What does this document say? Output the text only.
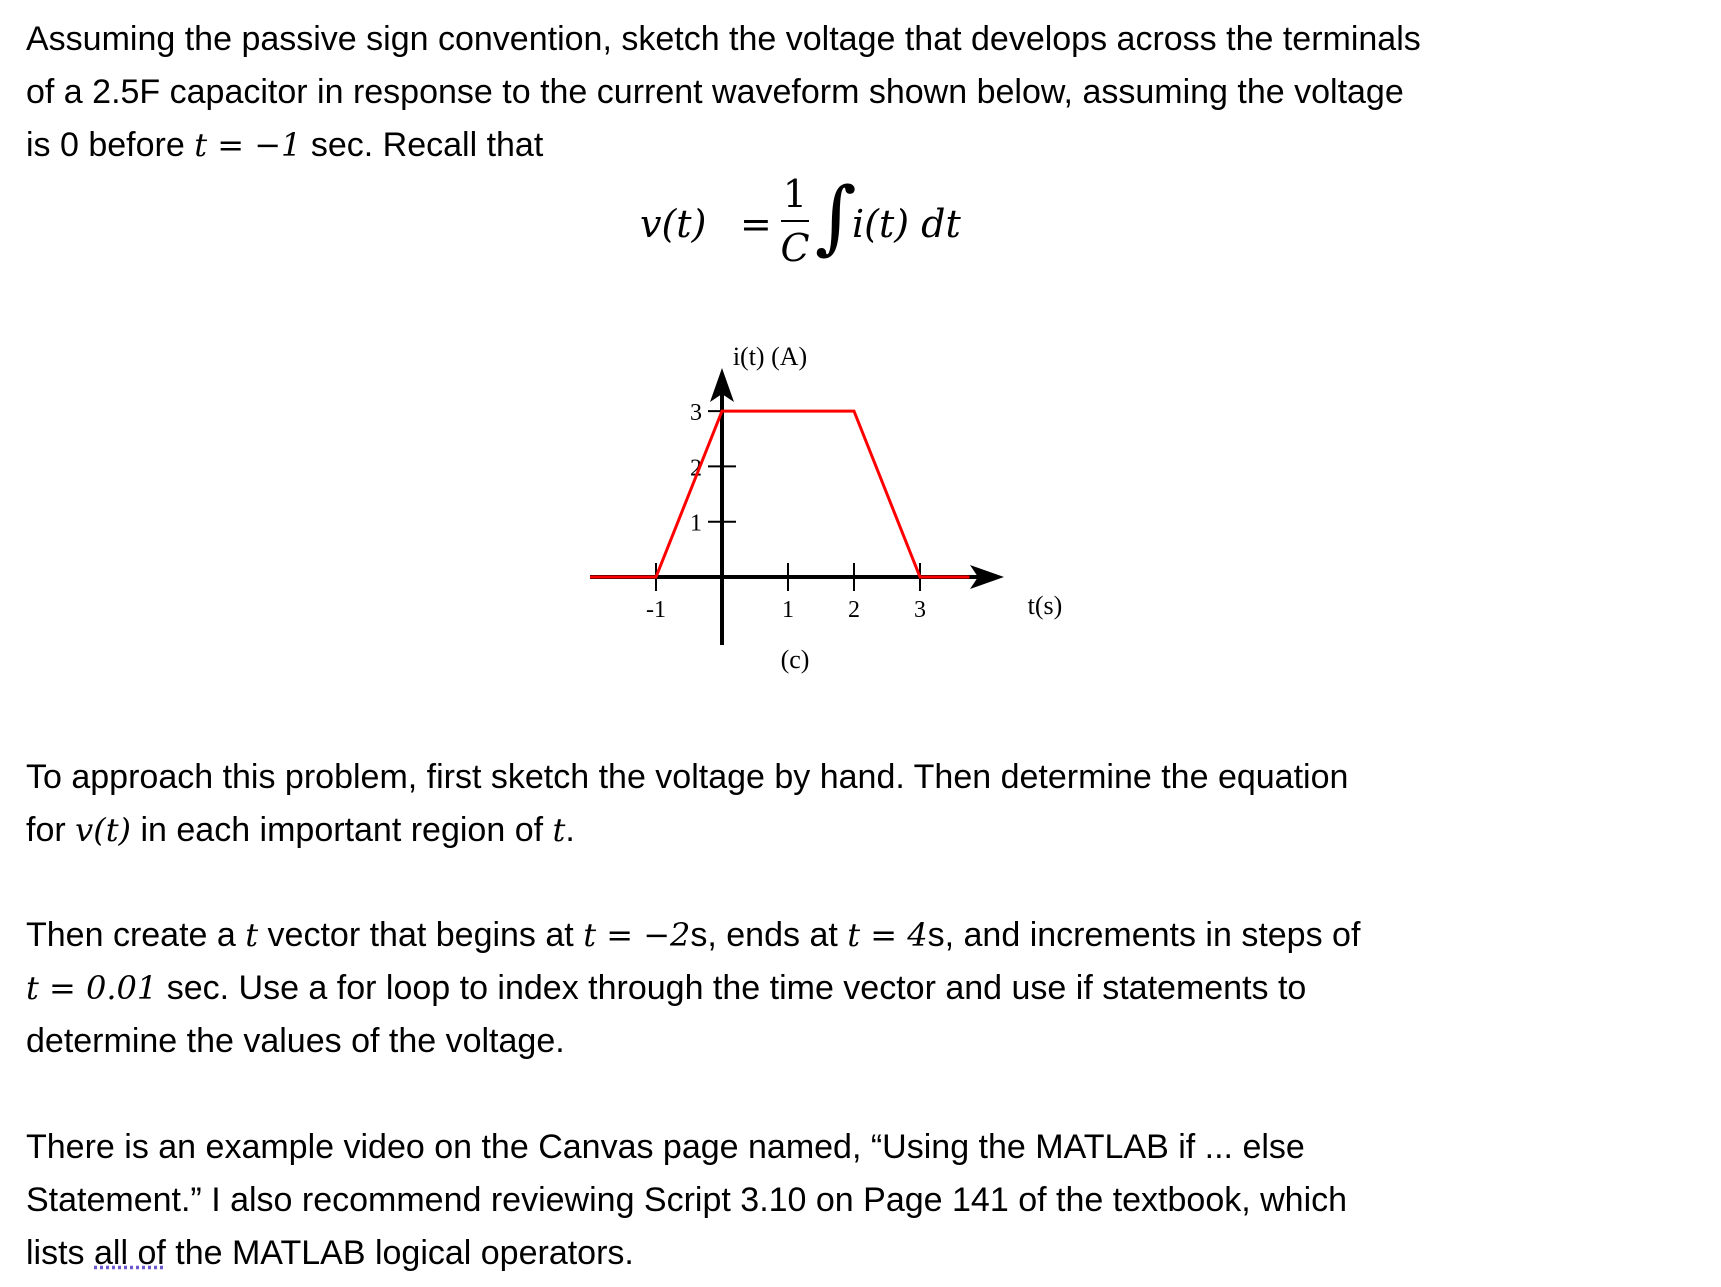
Assuming the passive sign convention, sketch the voltage that develops across the terminals
of a 2.5F capacitor in response to the current waveform shown below, assuming the voltage
is 0 before t = −1 sec. Recall that
v(t) =
1
C ∫
i(t) dt
-1	1 2 3
1
2
3
i(t) (A)
t(s)
(c)
To approach this problem, first sketch the voltage by hand. Then determine the equation
for v(t) in each important region of t.
Then create a t vector that begins at t = −2s, ends at t = 4s, and increments in steps of
t = 0.01 sec. Use a for loop to index through the time vector and use if statements to
determine the values of the voltage.
There is an example video on the Canvas page named, “Using the MATLAB if ... else
Statement.” I also recommend reviewing Script 3.10 on Page 141 of the textbook, which
lists all of the MATLAB logical operators.
